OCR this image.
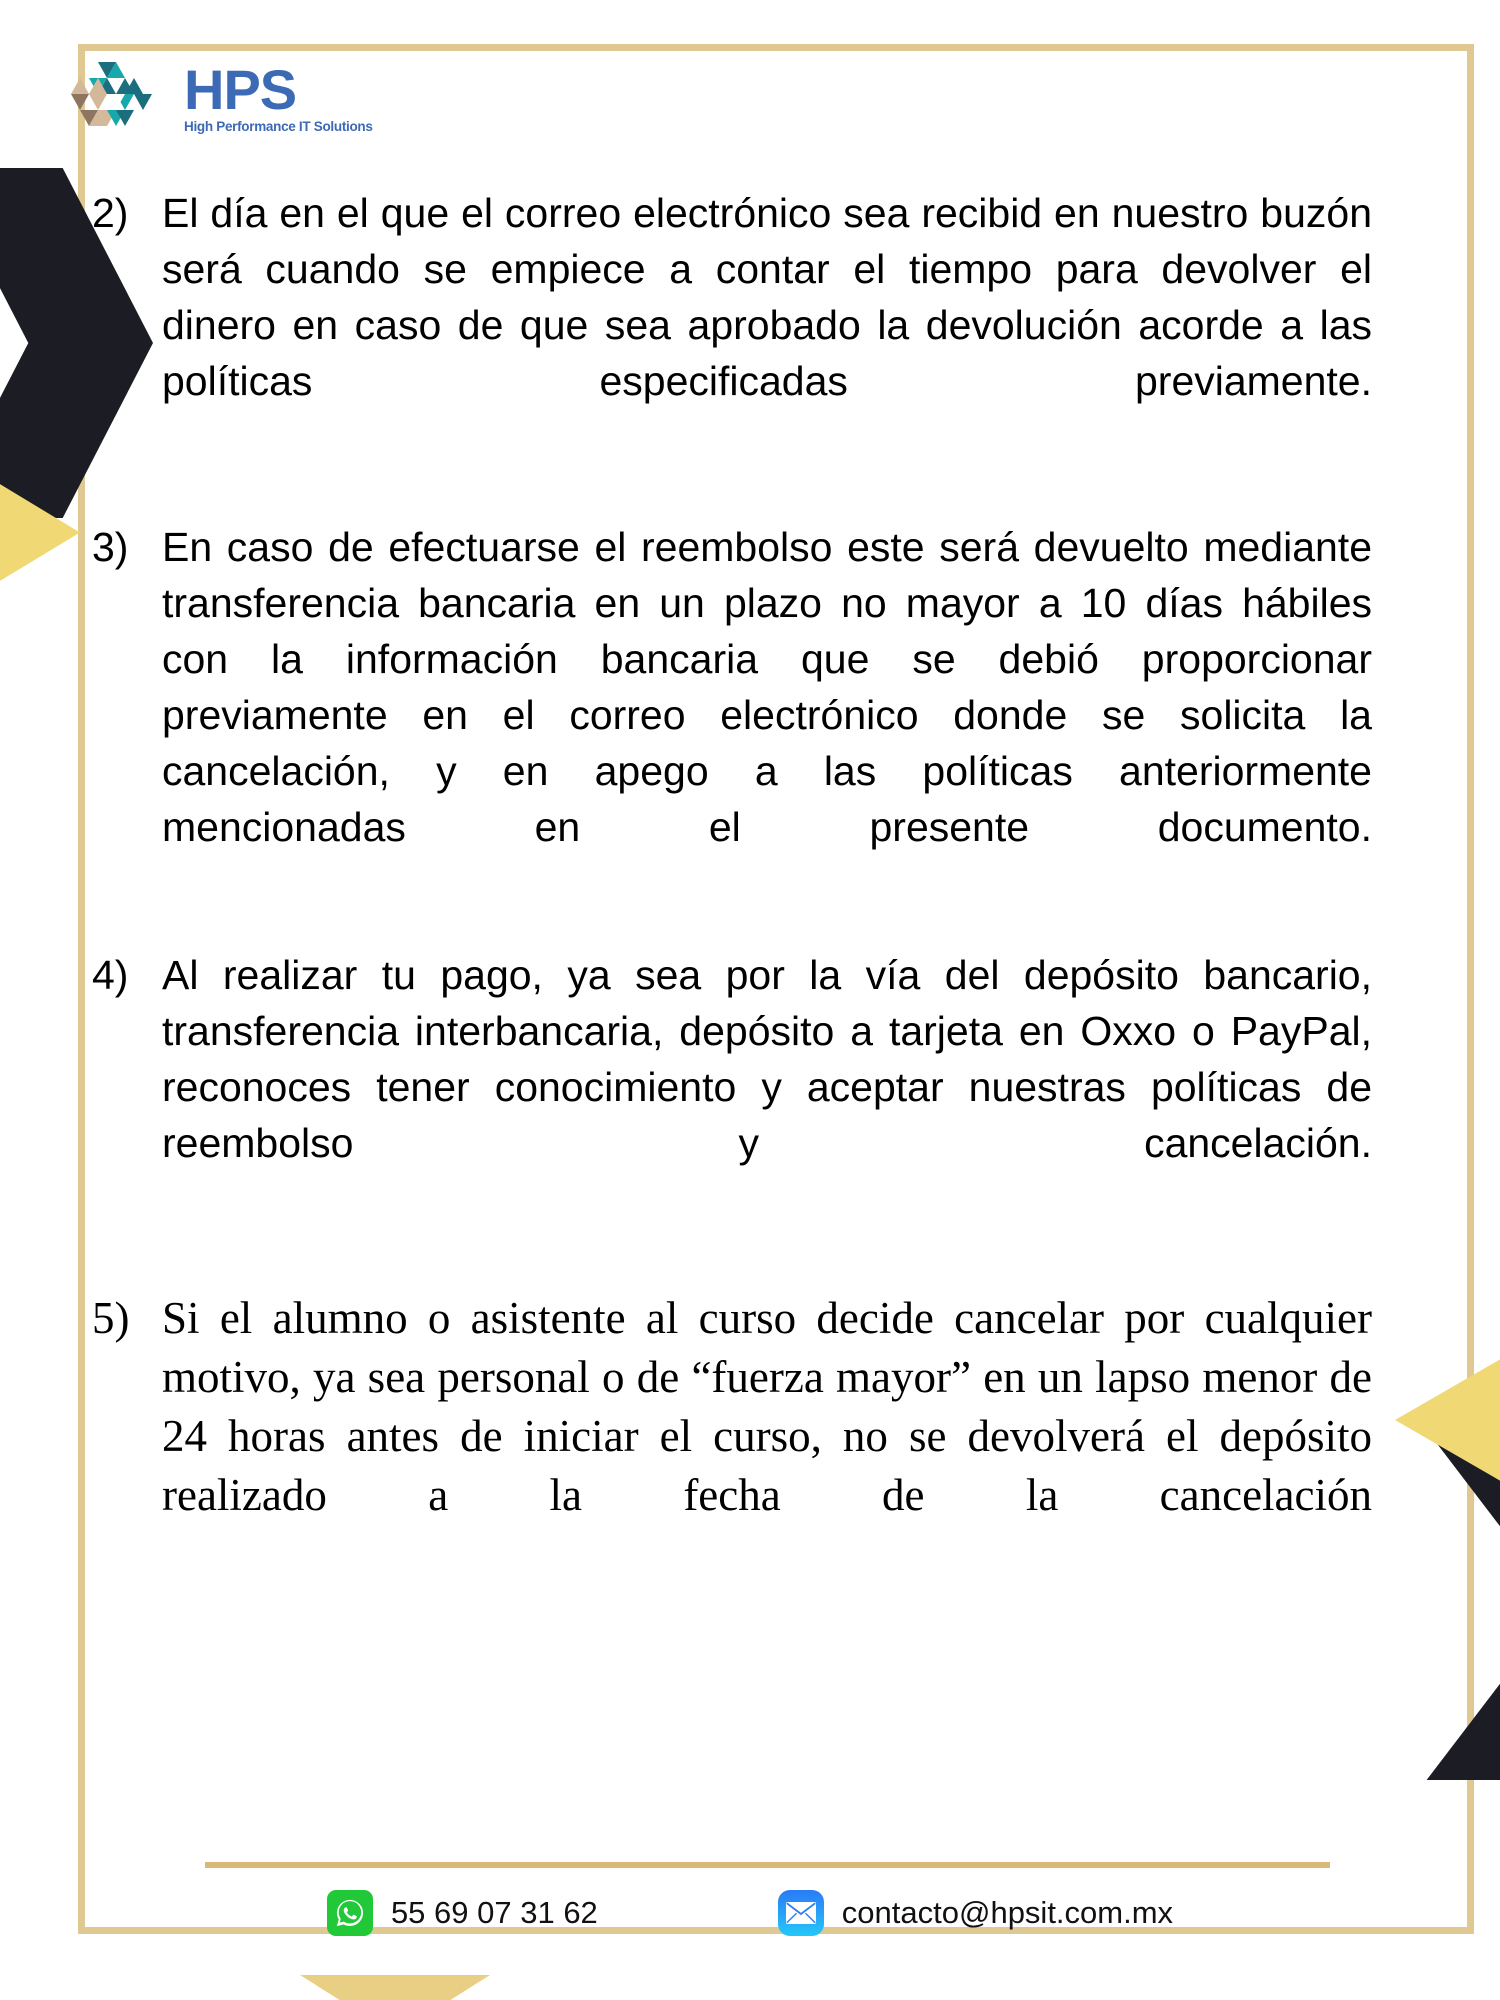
HPS
High Performance IT Solutions
2) El día en el que el correo electrónico sea recibid en nuestro buzón será cuando se empiece a contar el tiempo para devolver el dinero en caso de que sea aprobado la devolución acorde a las políticas especificadas previamente.
3) En caso de efectuarse el reembolso este será devuelto mediante transferencia bancaria en un plazo no mayor a 10 días hábiles con la información bancaria que se debió proporcionar previamente en el correo electrónico donde se solicita la cancelación, y en apego a las políticas anteriormente mencionadas en el presente documento.
4) Al realizar tu pago, ya sea por la vía del depósito bancario, transferencia interbancaria, depósito a tarjeta en Oxxo o PayPal, reconoces tener conocimiento y aceptar nuestras políticas de reembolso y cancelación.
5) Si el alumno o asistente al curso decide cancelar por cualquier motivo, ya sea personal o de “fuerza mayor” en un lapso menor de 24 horas antes de iniciar el curso, no se devolverá el depósito realizado a la fecha de la cancelación
55 69 07 31 62	contacto@hpsit.com.mx
